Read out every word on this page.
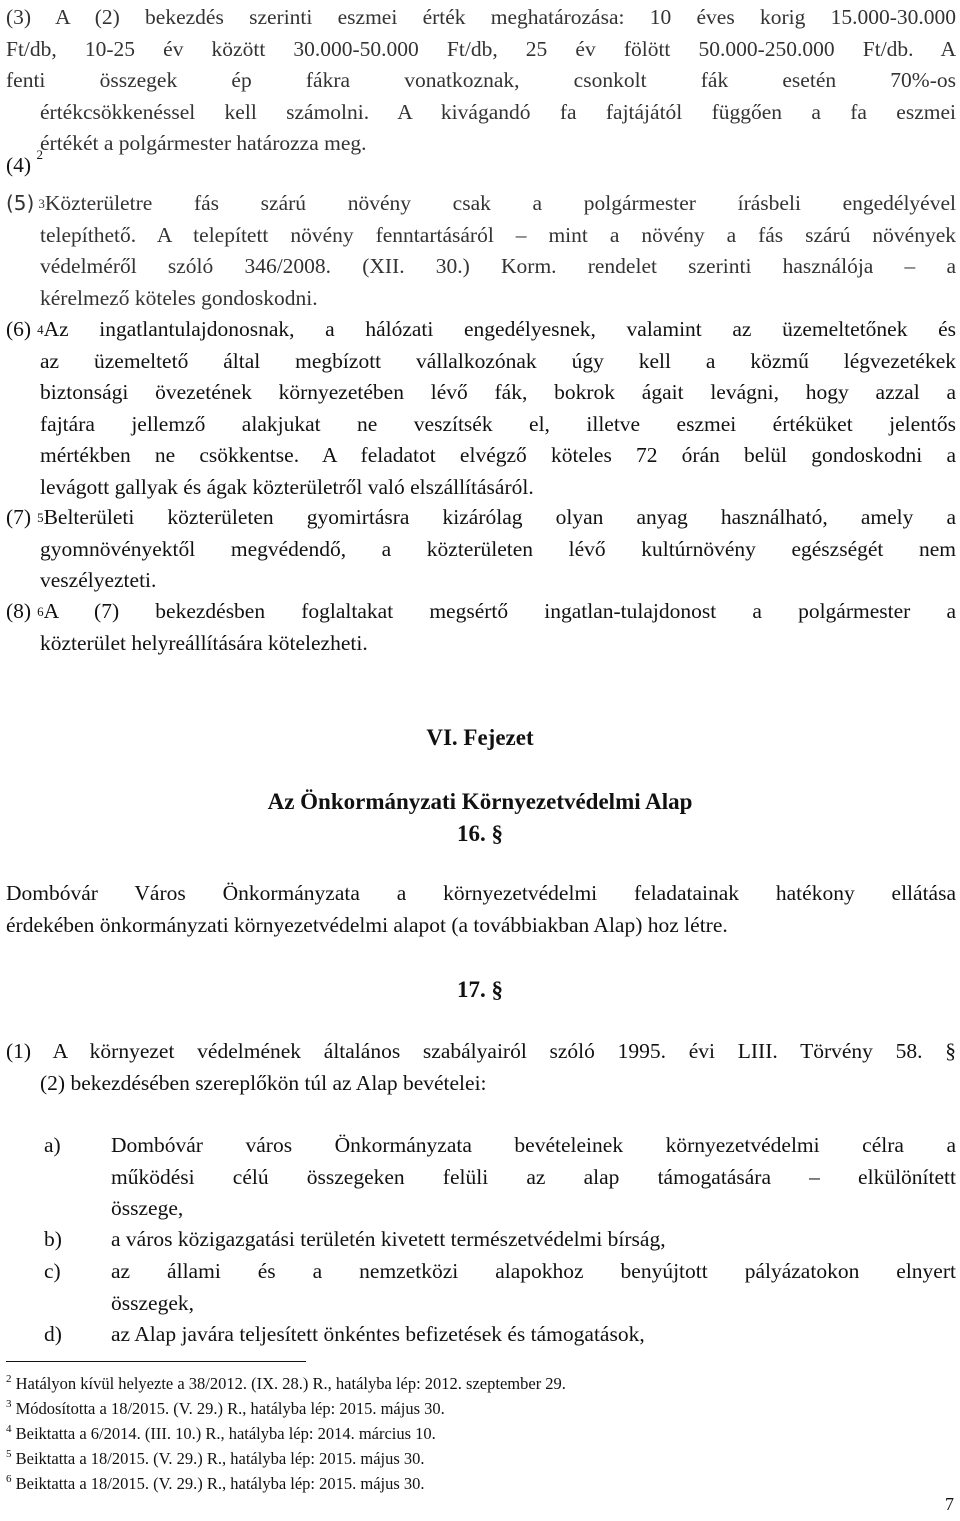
(3) A (2) bekezdés szerinti eszmei érték meghatározása: 10 éves korig 15.000-30.000
Ft/db, 10-25 év között 30.000-50.000 Ft/db, 25 év fölött 50.000-250.000 Ft/db. A
fenti összegek ép fákra vonatkoznak, csonkolt fák esetén 70%-os
értékcsökkenéssel kell számolni. A kivágandó fa fajtájától függően a fa eszmei
értékét a polgármester határozza meg.
(4) $^2$
(5) $^3$ Közterületre fás szárú növény csak a polgármester írásbeli engedélyével
telepíthető. A telepített növény fenntartásáról – mint a növény a fás szárú növények
védelméről szóló 346/2008. (XII. 30.) Korm. rendelet szerinti használója – a
kérelmező köteles gondoskodni.
(6) $^4$ Az ingatlantulajdonosnak, a hálózati engedélyesnek, valamint az üzemeltetőnek és
az üzemeltető által megbízott vállalkozónak úgy kell a közmű légvezetékek
biztonsági övezetének környezetében lévő fák, bokrok ágait levágni, hogy azzal a
fajtára jellemző alakjukat ne veszítsék el, illetve eszmei értéküket jelentős
mértékben ne csökkentse. A feladatot elvégző köteles 72 órán belül gondoskodni a
levágott gallyak és ágak közterületről való elszállításáról.
(7) $^5$ Belterületi közterületen gyomirtásra kizárólag olyan anyag használható, amely a
gyomnövényektől megvédendő, a közterületen lévő kultúrnövény egészségét nem
veszélyezteti.
(8) $^6$ A (7) bekezdésben foglaltakat megsértő ingatlan-tulajdonost a polgármester a
közterület helyreállítására kötelezheti.
VI. Fejezet
Az Önkormányzati Környezetvédelmi Alap
16. §
Dombóvár Város Önkormányzata a környezetvédelmi feladatainak hatékony ellátása
érdekében önkormányzati környezetvédelmi alapot (a továbbiakban Alap) hoz létre.
17. §
(1) A környezet védelmének általános szabályairól szóló 1995. évi LIII. Törvény 58. §
(2) bekezdésében szereplőkön túl az Alap bevételei:
a) Dombóvár város Önkormányzata bevételeinek környezetvédelmi célra a
működési célú összegeken felüli az alap támogatására – elkülönített
összege,
b) a város közigazgatási területén kivetett természetvédelmi bírság,
c) az állami és a nemzetközi alapokhoz benyújtott pályázatokon elnyert
összegek,
d) az Alap javára teljesített önkéntes befizetések és támogatások,
$^2$ Hatályon kívül helyezte a 38/2012. (IX. 28.) R., hatályba lép: 2012. szeptember 29.
$^3$ Módosította a 18/2015. (V. 29.) R., hatályba lép: 2015. május 30.
$^4$ Beiktatta a 6/2014. (III. 10.) R., hatályba lép: 2014. március 10.
$^5$ Beiktatta a 18/2015. (V. 29.) R., hatályba lép: 2015. május 30.
$^6$ Beiktatta a 18/2015. (V. 29.) R., hatályba lép: 2015. május 30.
7
